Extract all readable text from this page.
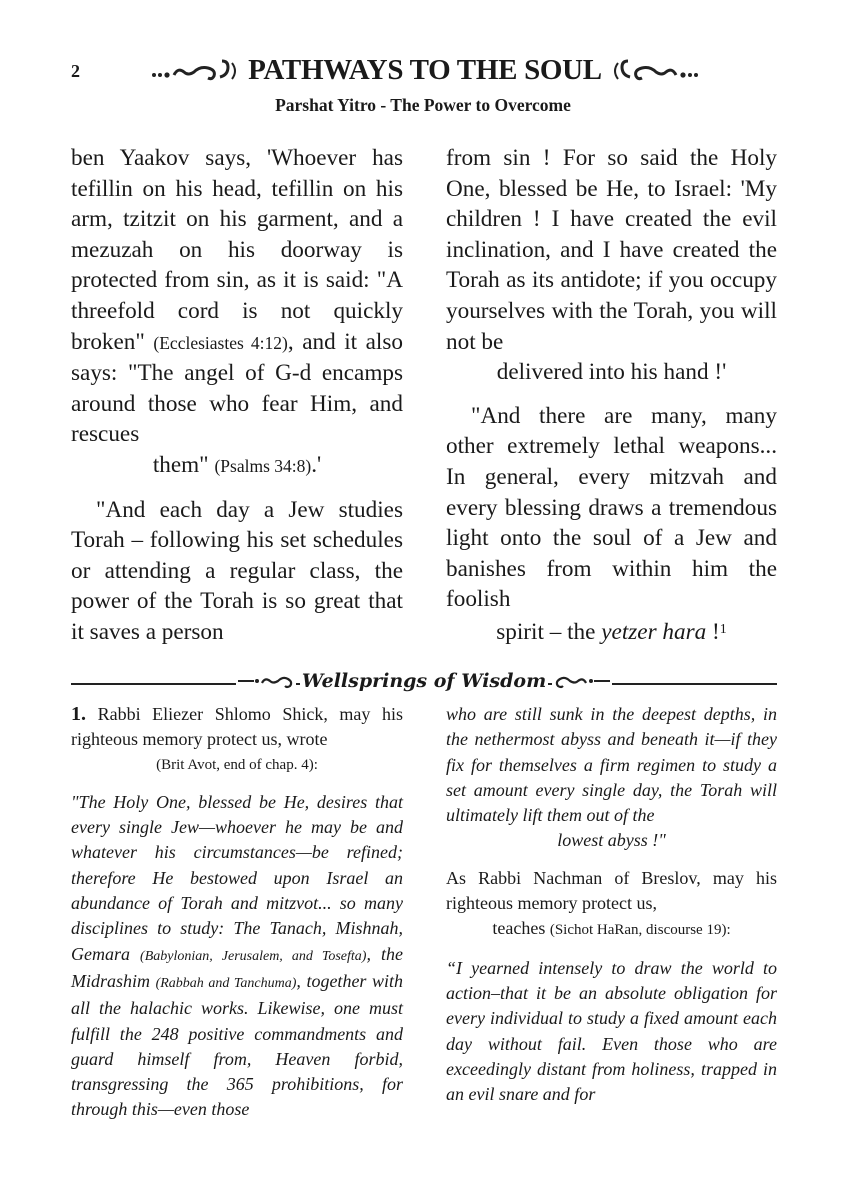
2	PATHWAYS TO THE SOUL
Parshat Yitro - The Power to Overcome

ben Yaakov says, 'Whoever has tefillin on his head, tefillin on his arm, tzitzit on his garment, and a mezuzah on his doorway is protected from sin, as it is said: "A threefold cord is not quickly broken" (Ecclesiastes 4:12), and it also says: "The angel of G-d encamps around those who fear Him, and rescues

them" (Psalms 34:8).'

"And each day a Jew studies Torah – following his set schedules or attending a regular class, the power of the Torah is so great that it saves a person

from sin ! For so said the Holy One, blessed be He, to Israel: 'My children ! I have created the evil inclination, and I have created the Torah as its antidote; if you occupy yourselves with the Torah, you will not be

delivered into his hand !'

"And there are many, many other extremely lethal weapons... In general, every mitzvah and every blessing draws a tremendous light onto the soul of a Jew and banishes from within him the foolish

spirit – the yetzer hara !$^1$

Wellsprings of Wisdom

1. Rabbi Eliezer Shlomo Shick, may his righteous memory protect us, wrote

(Brit Avot, end of chap. 4):

"The Holy One, blessed be He, desires that every single Jew—whoever he may be and whatever his circumstances—be refined; therefore He bestowed upon Israel an abundance of Torah and mitzvot... so many disciplines to study: The Tanach, Mishnah, Gemara (Babylonian, Jerusalem, and Tosefta), the Midrashim (Rabbah and Tanchuma), together with all the halachic works. Likewise, one must fulfill the 248 positive commandments and guard himself from, Heaven forbid, transgressing the 365 prohibitions, for through this—even those

who are still sunk in the deepest depths, in the nethermost abyss and beneath it—if they fix for themselves a firm regimen to study a set amount every single day, the Torah will ultimately lift them out of the

lowest abyss !"

As Rabbi Nachman of Breslov, may his righteous memory protect us,

teaches (Sichot HaRan, discourse 19):

“I yearned intensely to draw the world to action–that it be an absolute obligation for every individual to study a fixed amount each day without fail. Even those who are exceedingly distant from holiness, trapped in an evil snare and for
